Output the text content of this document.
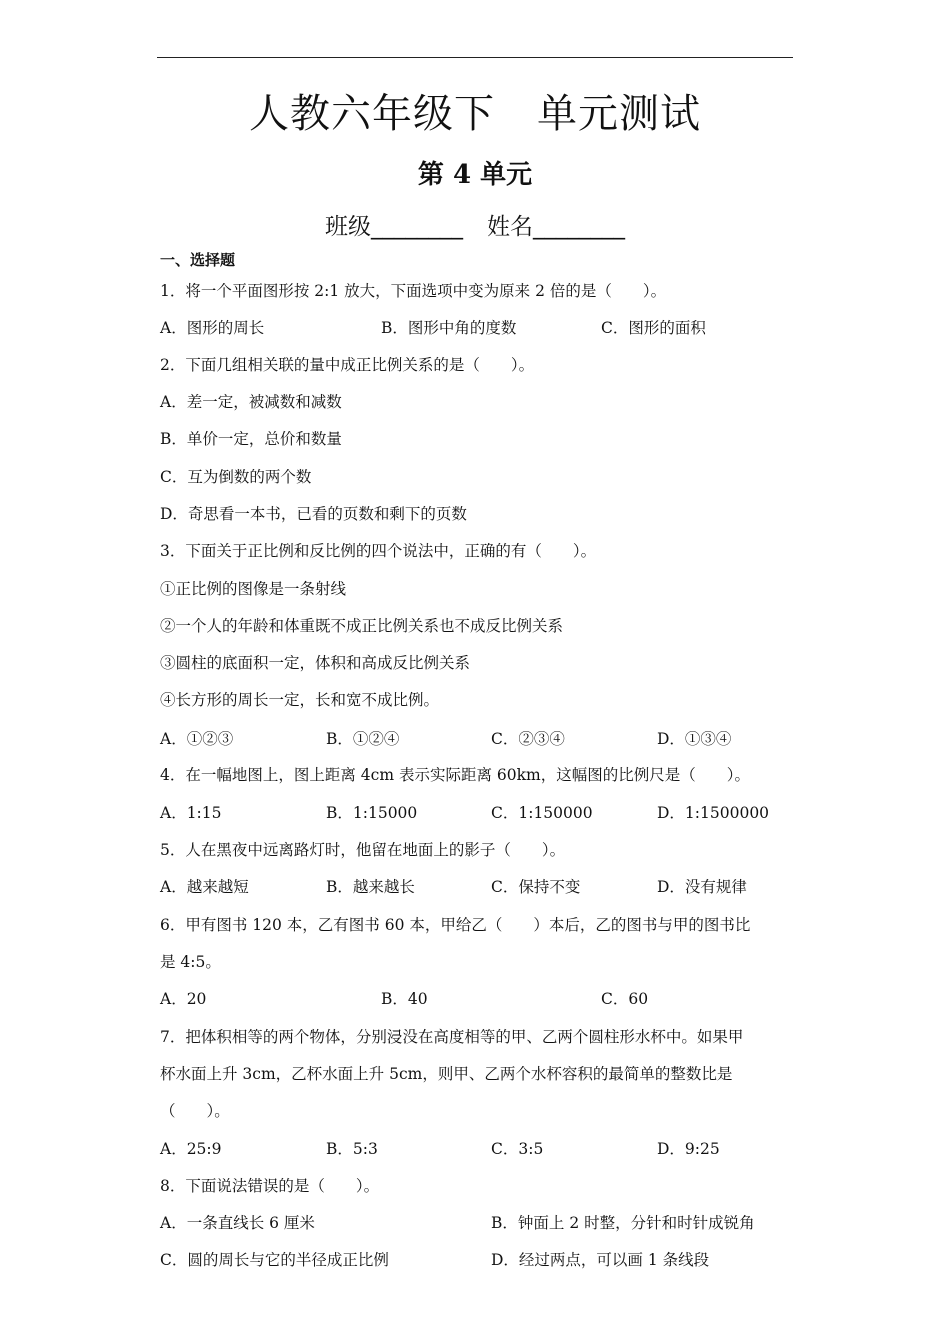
人教六年级下 单元测试
第 4 单元
班级________ 姓名________
一、选择题
1．将一个平面图形按 2:1 放大，下面选项中变为原来 2 倍的是（　　）。
A．图形的周长	B．图形中角的度数	C．图形的面积
2．下面几组相关联的量中成正比例关系的是（　　）。
A．差一定，被减数和减数
B．单价一定，总价和数量
C．互为倒数的两个数
D．奇思看一本书，已看的页数和剩下的页数
3．下面关于正比例和反比例的四个说法中，正确的有（　　）。
①正比例的图像是一条射线
②一个人的年龄和体重既不成正比例关系也不成反比例关系
③圆柱的底面积一定，体积和高成反比例关系
④长方形的周长一定，长和宽不成比例。
A．①②③	B．①②④	C．②③④	D．①③④
4．在一幅地图上，图上距离 4cm 表示实际距离 60km，这幅图的比例尺是（　　）。
A．1:15	B．1:15000	C．1:150000	D．1:1500000
5．人在黑夜中远离路灯时，他留在地面上的影子（　　）。
A．越来越短	B．越来越长	C．保持不变	D．没有规律
6．甲有图书 120 本，乙有图书 60 本，甲给乙（　　）本后，乙的图书与甲的图书比
是 4:5。
A．20	B．40	C．60
7．把体积相等的两个物体，分别浸没在高度相等的甲、乙两个圆柱形水杯中。如果甲
杯水面上升 3cm，乙杯水面上升 5cm，则甲、乙两个水杯容积的最简单的整数比是
（　　）。
A．25:9	B．5:3	C．3:5	D．9:25
8．下面说法错误的是（　　）。
A．一条直线长 6 厘米	B．钟面上 2 时整，分针和时针成锐角
C．圆的周长与它的半径成正比例	D．经过两点，可以画 1 条线段
